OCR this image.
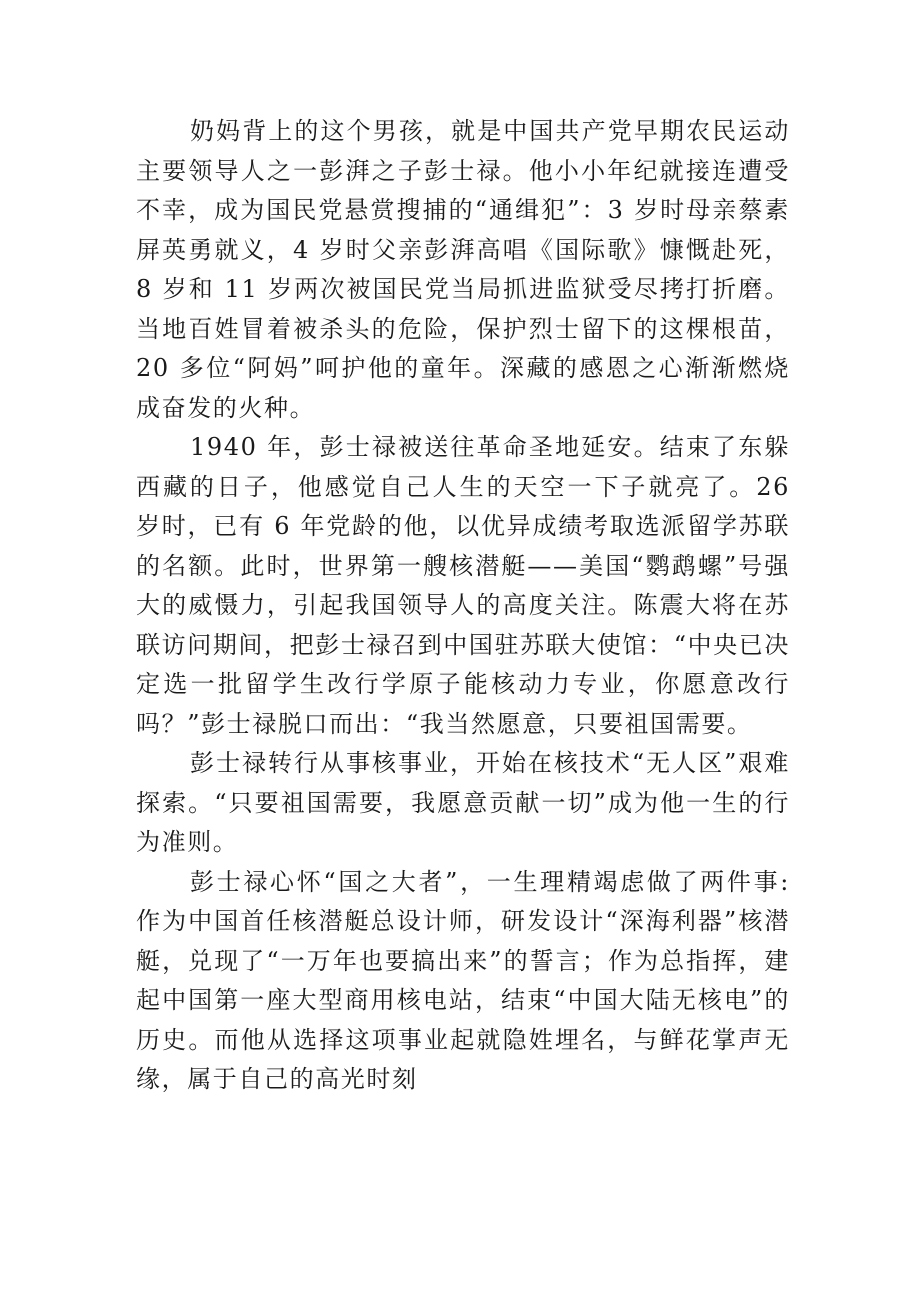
奶妈背上的这个男孩，就是中国共产党早期农民运动主要领导人之一彭湃之子彭士禄。他小小年纪就接连遭受不幸，成为国民党悬赏搜捕的“通缉犯”：3 岁时母亲蔡素屏英勇就义，4 岁时父亲彭湃高唱《国际歌》慷慨赴死，8 岁和 11 岁两次被国民党当局抓进监狱受尽拷打折磨。当地百姓冒着被杀头的危险，保护烈士留下的这棵根苗，20 多位“阿妈”呵护他的童年。深藏的感恩之心渐渐燃烧成奋发的火种。

1940 年，彭士禄被送往革命圣地延安。结束了东躲西藏的日子，他感觉自己人生的天空一下子就亮了。26 岁时，已有 6 年党龄的他，以优异成绩考取选派留学苏联的名额。此时，世界第一艘核潜艇——美国“鹦鹉螺”号强大的威慑力，引起我国领导人的高度关注。陈震大将在苏联访问期间，把彭士禄召到中国驻苏联大使馆：“中央已决定选一批留学生改行学原子能核动力专业，你愿意改行吗？”彭士禄脱口而出：“我当然愿意，只要祖国需要。

彭士禄转行从事核事业，开始在核技术“无人区”艰难探索。“只要祖国需要，我愿意贡献一切”成为他一生的行为准则。

彭士禄心怀“国之大者”，一生理精竭虑做了两件事:作为中国首任核潜艇总设计师，研发设计“深海利器”核潜艇，兑现了“一万年也要搞出来”的誓言；作为总指挥，建起中国第一座大型商用核电站，结束“中国大陆无核电”的历史。而他从选择这项事业起就隐姓埋名，与鲜花掌声无缘，属于自己的高光时刻
